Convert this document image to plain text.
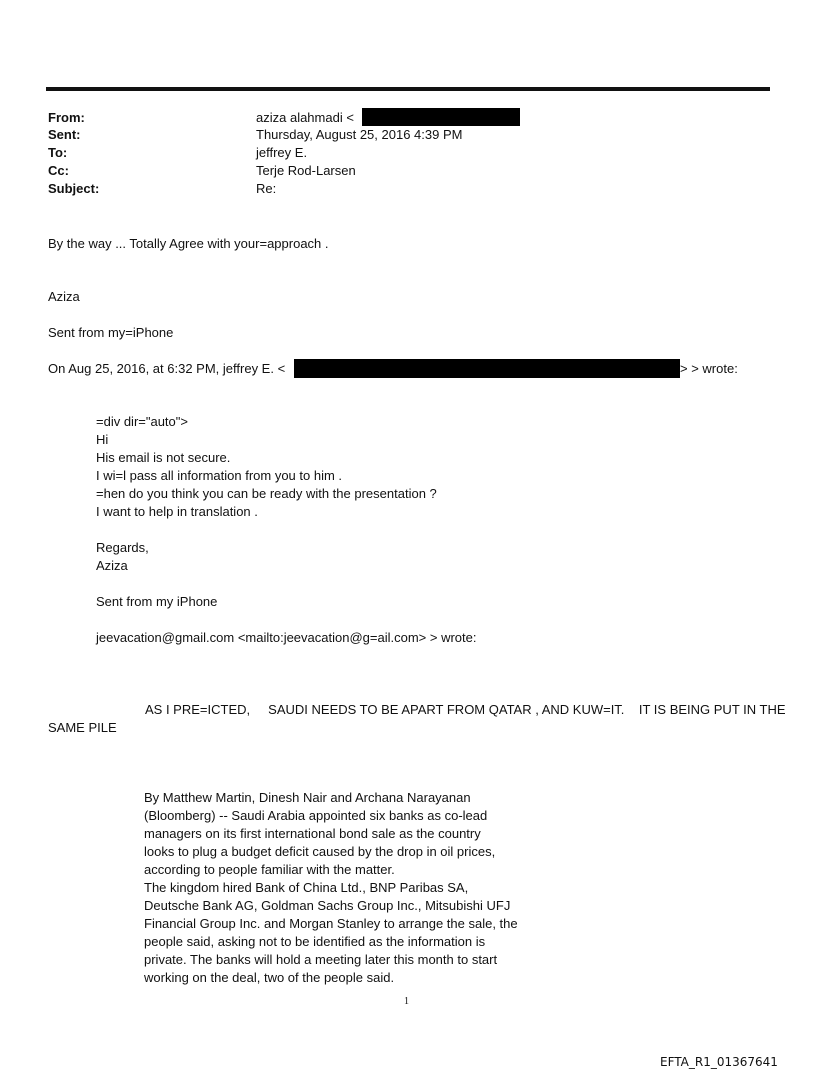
From:	aziza alahmadi <
Sent:	Thursday, August 25, 2016 4:39 PM
To:	jeffrey E.
Cc:	Terje Rod-Larsen
Subject:	Re:
By the way ... Totally Agree with your=approach .
Aziza
Sent from my=iPhone
On Aug 25, 2016, at 6:32 PM, jeffrey E. <	> > wrote:
=div dir="auto">
Hi
His email is not secure.
I wi=l pass all information from you to him .
=hen do you think you can be ready with the presentation ?
I want to help in translation .
Regards,
Aziza
Sent from my iPhone
jeevacation@gmail.com <mailto:jeevacation@g=ail.com> > wrote:
AS I PRE=ICTED,     SAUDI NEEDS TO BE APART FROM QATAR , AND KUW=IT.    IT IS BEING PUT IN THE
SAME PILE
By Matthew Martin, Dinesh Nair and Archana Narayanan
(Bloomberg) -- Saudi Arabia appointed six banks as co-lead
managers on its first international bond sale as the country
looks to plug a budget deficit caused by the drop in oil prices,
according to people familiar with the matter.
The kingdom hired Bank of China Ltd., BNP Paribas SA,
Deutsche Bank AG, Goldman Sachs Group Inc., Mitsubishi UFJ
Financial Group Inc. and Morgan Stanley to arrange the sale, the
people said, asking not to be identified as the information is
private. The banks will hold a meeting later this month to start
working on the deal, two of the people said.
1
EFTA_R1_01367641
